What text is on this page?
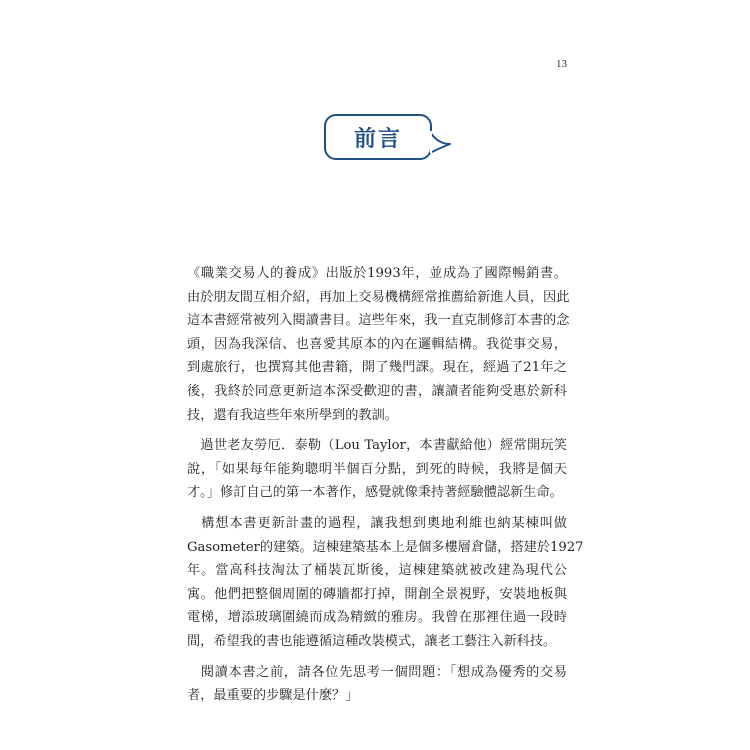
13
前言
《職業交易人的養成》出版於1993年，並成為了國際暢銷書。
由於朋友間互相介紹，再加上交易機構經常推薦給新進人員，因此
這本書經常被列入閱讀書目。這些年來，我一直克制修訂本書的念
頭，因為我深信、也喜愛其原本的內在邏輯結構。我從事交易，
到處旅行，也撰寫其他書籍，開了幾門課。現在，經過了21年之
後，我終於同意更新這本深受歡迎的書，讓讀者能夠受惠於新科
技，還有我這些年來所學到的教訓。
　過世老友勞厄．泰勒（Lou Taylor，本書獻給他）經常開玩笑
說，「如果每年能夠聰明半個百分點，到死的時候，我將是個天
才。」修訂自己的第一本著作，感覺就像秉持著經驗體認新生命。
　構想本書更新計畫的過程，讓我想到奧地利維也納某棟叫做
Gasometer的建築。這棟建築基本上是個多樓層倉儲，搭建於1927
年。當高科技淘汰了桶裝瓦斯後，這棟建築就被改建為現代公
寓。他們把整個周圍的磚牆都打掉，開創全景視野，安裝地板與
電梯，增添玻璃圍繞而成為精緻的雅房。我曾在那裡住過一段時
間，希望我的書也能遵循這種改裝模式，讓老工藝注入新科技。
　閱讀本書之前，請各位先思考一個問題：「想成為優秀的交易
者，最重要的步驟是什麼？」
